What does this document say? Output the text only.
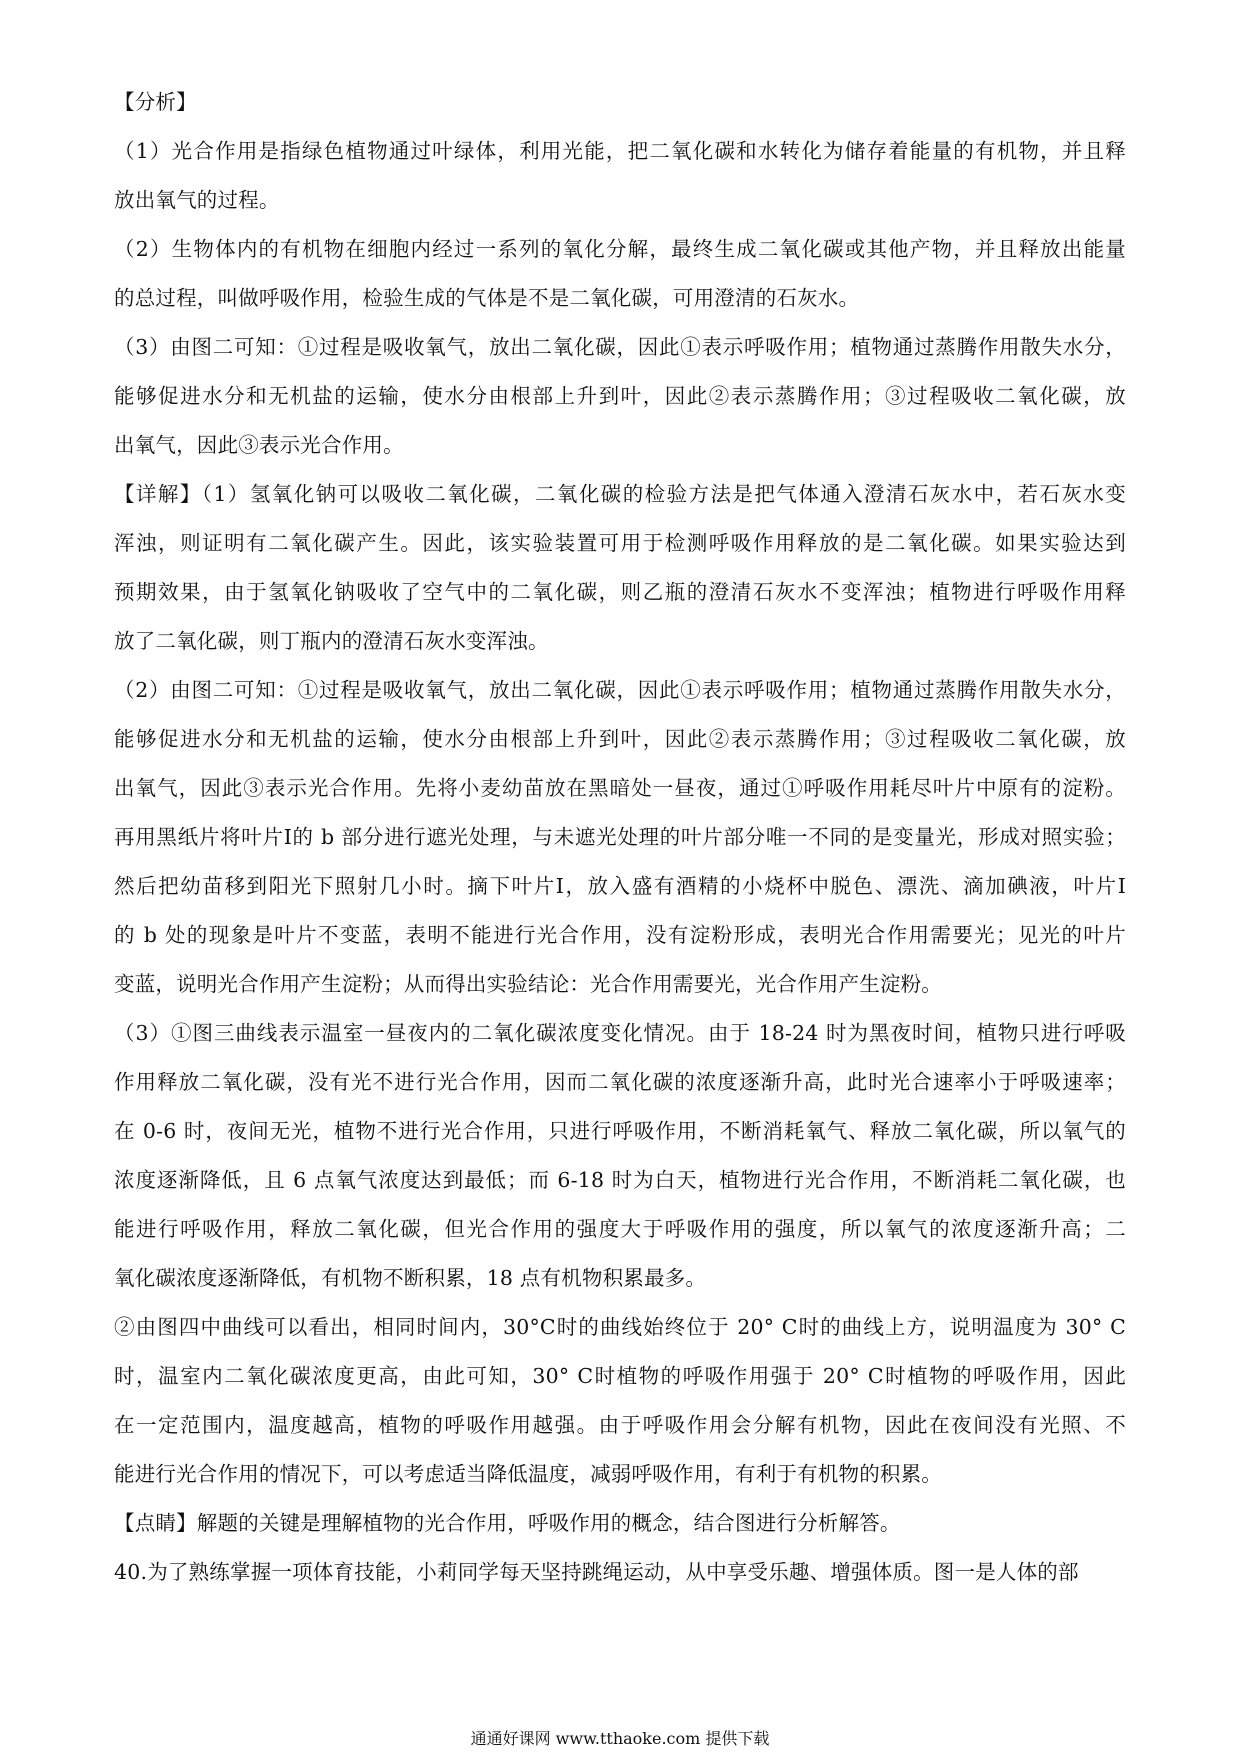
【分析】

（1）光合作用是指绿色植物通过叶绿体，利用光能，把二氧化碳和水转化为储存着能量的有机物，并且释
放出氧气的过程。

（2）生物体内的有机物在细胞内经过一系列的氧化分解，最终生成二氧化碳或其他产物，并且释放出能量
的总过程，叫做呼吸作用，检验生成的气体是不是二氧化碳，可用澄清的石灰水。

（3）由图二可知：①过程是吸收氧气，放出二氧化碳，因此①表示呼吸作用；植物通过蒸腾作用散失水分，
能够促进水分和无机盐的运输，使水分由根部上升到叶，因此②表示蒸腾作用；③过程吸收二氧化碳，放
出氧气，因此③表示光合作用。

【详解】（1）氢氧化钠可以吸收二氧化碳，二氧化碳的检验方法是把气体通入澄清石灰水中，若石灰水变
浑浊，则证明有二氧化碳产生。因此，该实验装置可用于检测呼吸作用释放的是二氧化碳。如果实验达到
预期效果，由于氢氧化钠吸收了空气中的二氧化碳，则乙瓶的澄清石灰水不变浑浊；植物进行呼吸作用释
放了二氧化碳，则丁瓶内的澄清石灰水变浑浊。

（2）由图二可知：①过程是吸收氧气，放出二氧化碳，因此①表示呼吸作用；植物通过蒸腾作用散失水分，
能够促进水分和无机盐的运输，使水分由根部上升到叶，因此②表示蒸腾作用；③过程吸收二氧化碳，放
出氧气，因此③表示光合作用。先将小麦幼苗放在黑暗处一昼夜，通过①呼吸作用耗尽叶片中原有的淀粉。
再用黑纸片将叶片Ⅰ的 b 部分进行遮光处理，与未遮光处理的叶片部分唯一不同的是变量光，形成对照实验；
然后把幼苗移到阳光下照射几小时。摘下叶片Ⅰ，放入盛有酒精的小烧杯中脱色、漂洗、滴加碘液，叶片Ⅰ
的 b 处的现象是叶片不变蓝，表明不能进行光合作用，没有淀粉形成，表明光合作用需要光；见光的叶片
变蓝，说明光合作用产生淀粉；从而得出实验结论：光合作用需要光，光合作用产生淀粉。

（3）①图三曲线表示温室一昼夜内的二氧化碳浓度变化情况。由于 18-24 时为黑夜时间，植物只进行呼吸
作用释放二氧化碳，没有光不进行光合作用，因而二氧化碳的浓度逐渐升高，此时光合速率小于呼吸速率；
在 0-6 时，夜间无光，植物不进行光合作用，只进行呼吸作用，不断消耗氧气、释放二氧化碳，所以氧气的
浓度逐渐降低，且 6 点氧气浓度达到最低；而 6-18 时为白天，植物进行光合作用，不断消耗二氧化碳，也
能进行呼吸作用，释放二氧化碳，但光合作用的强度大于呼吸作用的强度，所以氧气的浓度逐渐升高；二
氧化碳浓度逐渐降低，有机物不断积累，18 点有机物积累最多。

②由图四中曲线可以看出，相同时间内，30°C时的曲线始终位于 20° C时的曲线上方，说明温度为 30° C
时，温室内二氧化碳浓度更高，由此可知，30° C时植物的呼吸作用强于 20° C时植物的呼吸作用，因此
在一定范围内，温度越高，植物的呼吸作用越强。由于呼吸作用会分解有机物，因此在夜间没有光照、不
能进行光合作用的情况下，可以考虑适当降低温度，减弱呼吸作用，有利于有机物的积累。

【点睛】解题的关键是理解植物的光合作用，呼吸作用的概念，结合图进行分析解答。

40.为了熟练掌握一项体育技能，小莉同学每天坚持跳绳运动，从中享受乐趣、增强体质。图一是人体的部

通通好课网 www.tthaoke.com 提供下载
